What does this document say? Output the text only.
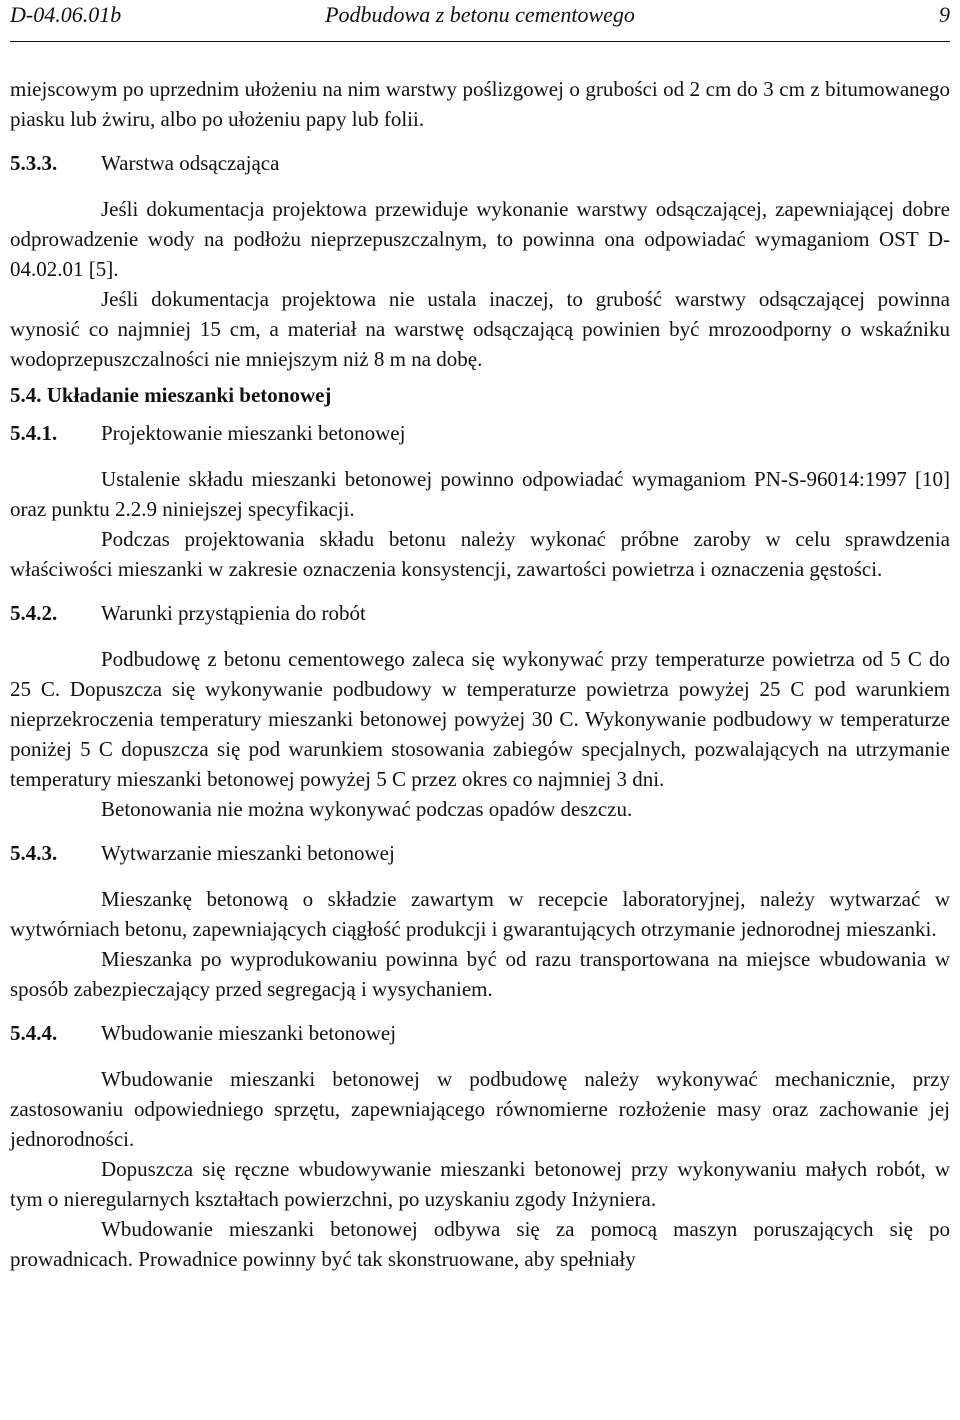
Podbudowa z betonu cementowego
D-04.06.01b	9

miejscowym po uprzednim ułożeniu na nim warstwy poślizgowej o grubości od 2 cm do 3 cm z bitumowanego piasku lub żwiru, albo po ułożeniu papy lub folii.

5.3.3. Warstwa odsączająca

Jeśli dokumentacja projektowa przewiduje wykonanie warstwy odsączającej, zapewniającej dobre odprowadzenie wody na podłożu nieprzepuszczalnym, to powinna ona odpowiadać wymaganiom OST D-04.02.01 [5].

Jeśli dokumentacja projektowa nie ustala inaczej, to grubość warstwy odsączającej powinna wynosić co najmniej 15 cm, a materiał na warstwę odsączającą powinien być mrozoodporny o wskaźniku wodoprzepuszczalności nie mniejszym niż 8 m na dobę.

5.4. Układanie mieszanki betonowej
5.4.1. Projektowanie mieszanki betonowej

Ustalenie składu mieszanki betonowej powinno odpowiadać wymaganiom PN-S-96014:1997 [10] oraz punktu 2.2.9 niniejszej specyfikacji.

Podczas projektowania składu betonu należy wykonać próbne zaroby w celu sprawdzenia właściwości mieszanki w zakresie oznaczenia konsystencji, zawartości powietrza i oznaczenia gęstości.

5.4.2. Warunki przystąpienia do robót

Podbudowę z betonu cementowego zaleca się wykonywać przy temperaturze powietrza od 5 C do 25 C. Dopuszcza się wykonywanie podbudowy w temperaturze powietrza powyżej 25 C pod warunkiem nieprzekroczenia temperatury mieszanki betonowej powyżej 30 C. Wykonywanie podbudowy w temperaturze poniżej 5 C dopuszcza się pod warunkiem stosowania zabiegów specjalnych, pozwalających na utrzymanie temperatury mieszanki betonowej powyżej 5 C przez okres co najmniej 3 dni.

Betonowania nie można wykonywać podczas opadów deszczu.

5.4.3. Wytwarzanie mieszanki betonowej

Mieszankę betonową o składzie zawartym w recepcie laboratoryjnej, należy wytwarzać w wytwórniach betonu, zapewniających ciągłość produkcji i gwarantujących otrzymanie jednorodnej mieszanki.

Mieszanka po wyprodukowaniu powinna być od razu transportowana na miejsce wbudowania w sposób zabezpieczający przed segregacją i wysychaniem.

5.4.4. Wbudowanie mieszanki betonowej

Wbudowanie mieszanki betonowej w podbudowę należy wykonywać mechanicznie, przy zastosowaniu odpowiedniego sprzętu, zapewniającego równomierne rozłożenie masy oraz zachowanie jej jednorodności.

Dopuszcza się ręczne wbudowywanie mieszanki betonowej przy wykonywaniu małych robót, w tym o nieregularnych kształtach powierzchni, po uzyskaniu zgody Inżyniera.

Wbudowanie mieszanki betonowej odbywa się za pomocą maszyn poruszających się po prowadnicach. Prowadnice powinny być tak skonstruowane, aby spełniały
